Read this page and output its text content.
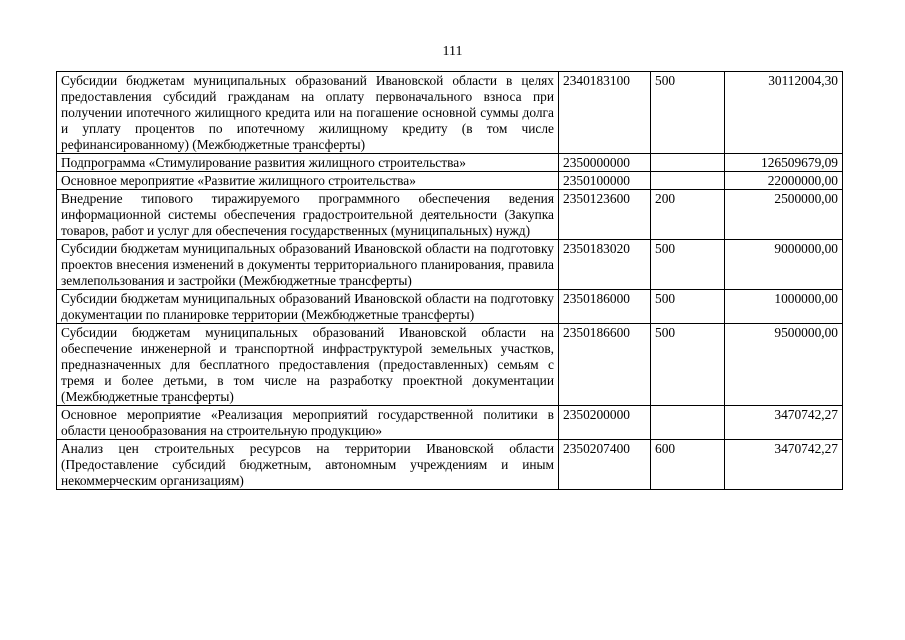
111
Субсидии бюджетам муниципальных образований Ивановской области в целях предоставления субсидий гражданам на оплату первоначального взноса при получении ипотечного жилищного кредита или на погашение основной суммы долга и уплату процентов по ипотечному жилищному кредиту (в том числе рефинансированному) (Межбюджетные трансферты)	2340183100	500	30112004,30
Подпрограмма «Стимулирование развития жилищного строительства»	2350000000		126509679,09
Основное мероприятие «Развитие жилищного строительства»	2350100000		22000000,00
Внедрение типового тиражируемого программного обеспечения ведения информационной системы обеспечения градостроительной деятельности (Закупка товаров, работ и услуг для обеспечения государственных (муниципальных) нужд)	2350123600	200	2500000,00
Субсидии бюджетам муниципальных образований Ивановской области на подготовку проектов внесения изменений в документы территориального планирования, правила землепользования и застройки (Межбюджетные трансферты)	2350183020	500	9000000,00
Субсидии бюджетам муниципальных образований Ивановской области на подготовку документации по планировке территории (Межбюджетные трансферты)	2350186000	500	1000000,00
Субсидии бюджетам муниципальных образований Ивановской области на обеспечение инженерной и транспортной инфраструктурой земельных участков, предназначенных для бесплатного предоставления (предоставленных) семьям с тремя и более детьми, в том числе на разработку проектной документации (Межбюджетные трансферты)	2350186600	500	9500000,00
Основное мероприятие «Реализация мероприятий государственной политики в области ценообразования на строительную продукцию»	2350200000		3470742,27
Анализ цен строительных ресурсов на территории Ивановской области (Предоставление субсидий бюджетным, автономным учреждениям и иным некоммерческим организациям)	2350207400	600	3470742,27
